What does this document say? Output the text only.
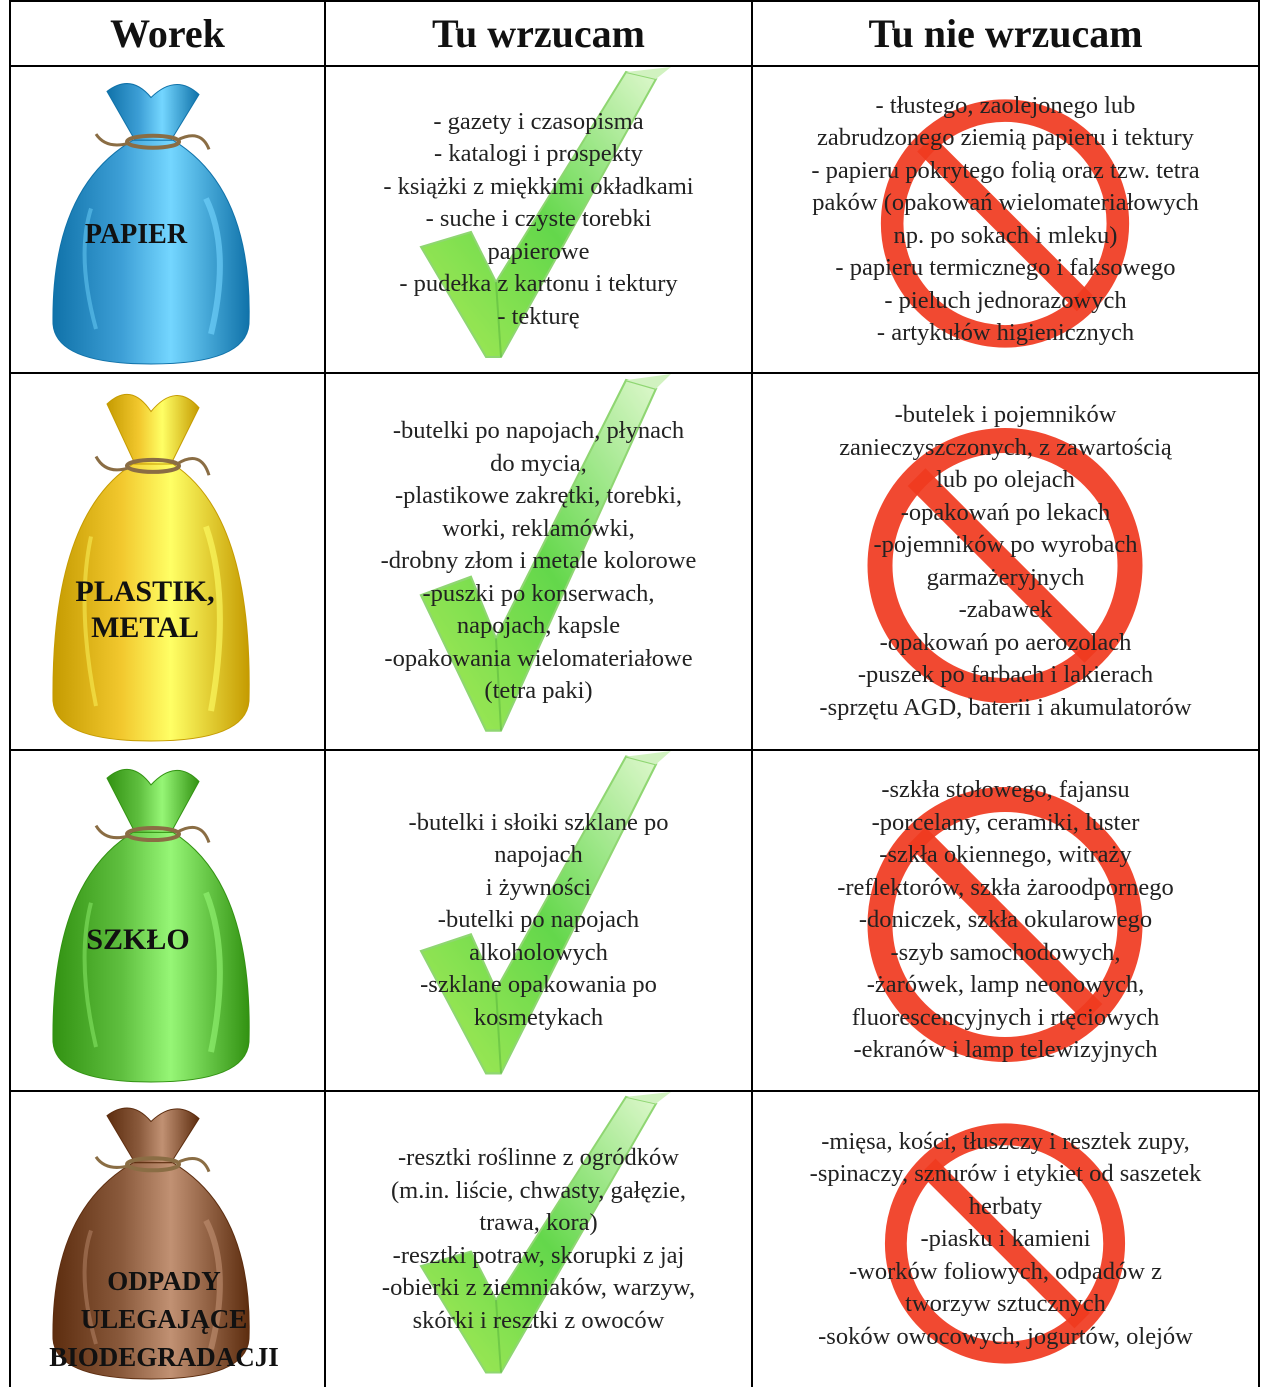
Worek	Tu wrzucam	Tu nie wrzucam
PAPIER
- gazety i czasopisma
- katalogi i prospekty
- książki z miękkimi okładkami
- suche i czyste torebki
papierowe
- pudełka z kartonu i tektury
- tekturę
- tłustego, zaolejonego lub
zabrudzonego ziemią papieru i tektury
- papieru pokrytego folią oraz tzw. tetra
paków (opakowań wielomateriałowych
np. po sokach i mleku)
- papieru termicznego i faksowego
- pieluch jednorazowych
- artykułów higienicznych
PLASTIK,
METAL
-butelki po napojach, płynach
do mycia,
-plastikowe zakrętki, torebki,
worki, reklamówki,
-drobny złom i metale kolorowe
-puszki po konserwach,
napojach, kapsle
-opakowania wielomateriałowe
(tetra paki)
-butelek i pojemników
zanieczyszczonych, z zawartością
lub po olejach
-opakowań po lekach
-pojemników po wyrobach
garmażeryjnych
-zabawek
-opakowań po aerozolach
-puszek po farbach i lakierach
-sprzętu AGD, baterii i akumulatorów
SZKŁO
-butelki i słoiki szklane po
napojach
i żywności
-butelki po napojach
alkoholowych
-szklane opakowania po
kosmetykach
-szkła stołowego, fajansu
-porcelany, ceramiki, luster
-szkła okiennego, witraży
-reflektorów, szkła żaroodpornego
-doniczek, szkła okularowego
-szyb samochodowych,
-żarówek, lamp neonowych,
fluorescencyjnych i rtęciowych
-ekranów i lamp telewizyjnych
ODPADY
ULEGAJĄCE
BIODEGRADACJI
-resztki roślinne z ogródków
(m.in. liście, chwasty, gałęzie,
trawa, kora)
-resztki potraw, skorupki z jaj
-obierki z ziemniaków, warzyw,
skórki i resztki z owoców
-mięsa, kości, tłuszczy i resztek zupy,
-spinaczy, sznurów i etykiet od saszetek
herbaty
-piasku i kamieni
-worków foliowych, odpadów z
tworzyw sztucznych
-soków owocowych, jogurtów, olejów
